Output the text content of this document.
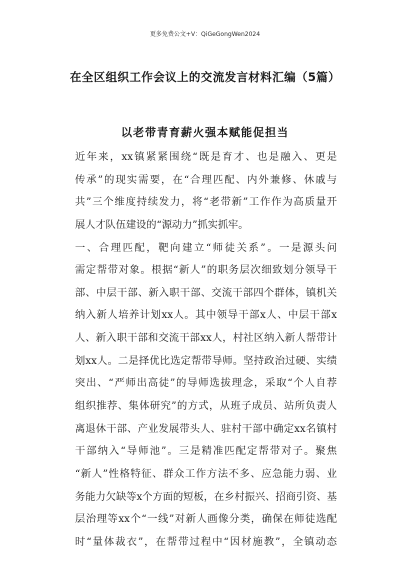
更多免费公文+V：QiGeGongWen2024
在全区组织工作会议上的交流发言材料汇编（5篇）
以老带青育薪火强本赋能促担当
近年来，xx镇紧紧围绕“既是育才、也是融入、更是
传承”的现实需要，在“合理匹配、内外兼修、休戚与
共”三个维度持续发力，将“老带新”工作作为高质量开
展人才队伍建设的“源动力”抓实抓牢。
一、合理匹配，靶向建立“师徒关系”。一是源头问
需定帮带对象。根据“新人”的职务层次细致划分领导干
部、中层干部、新入职干部、交流干部四个群体，镇机关
纳入新人培养计划xx人。其中领导干部x人、中层干部x
人、新入职干部和交流干部xx人，村社区纳入新人帮带计
划xx人。二是择优比选定帮带导师。坚持政治过硬、实绩
突出、“严师出高徒”的导师选拔理念，采取“个人自荐
组织推荐、集体研究”的方式，从班子成员、站所负责人
离退休干部、产业发展带头人、驻村干部中确定xx名镇村
干部纳入“导师池”。三是精准匹配定帮带对子。聚焦
“新人”性格特征、群众工作方法不多、应急能力弱、业
务能力欠缺等x个方面的短板，在乡村振兴、招商引资、基
层治理等xx个“一线”对新人画像分类，确保在师徒选配
时“量体裁衣”，在帮带过程中“因材施教”，全镇动态
